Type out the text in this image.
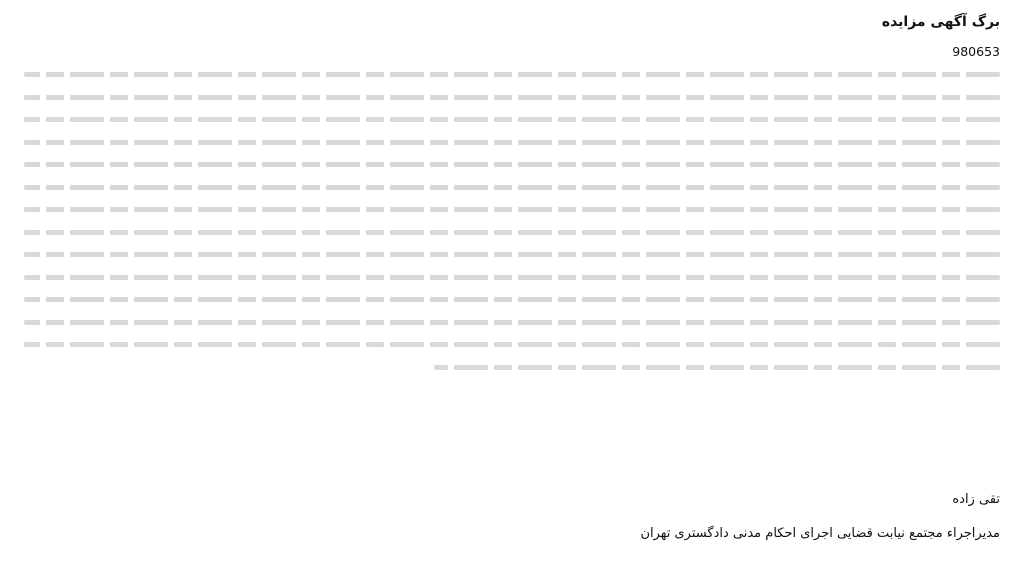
برگ آگهی مزایده
980653
تقی زاده
مدیراجراء مجتمع نیابت قضایی اجرای احکام مدنی دادگستری تهران
